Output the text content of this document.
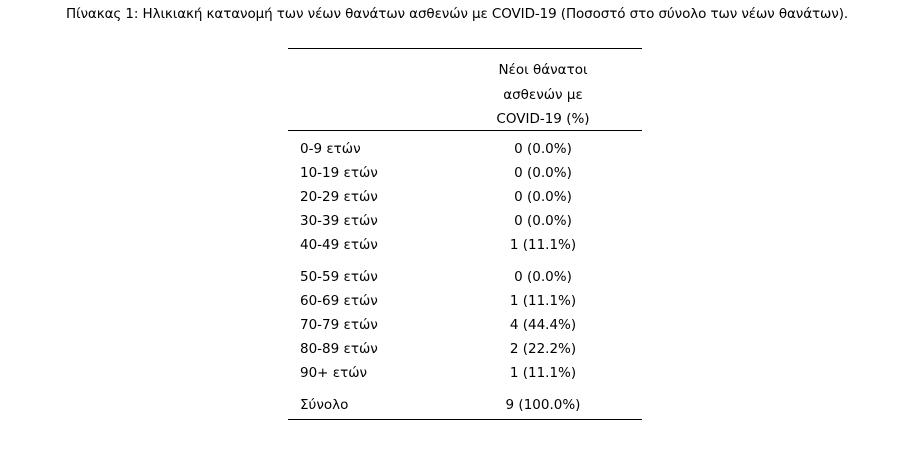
Πίνακας 1: Ηλικιακή κατανομή των νέων θανάτων ασθενών με COVID-19 (Ποσοστό στο σύνολο των νέων θανάτων).
Νέοι θάνατοι
ασθενών με
COVID-19 (%)
0-9 ετών	0 (0.0%)
10-19 ετών	0 (0.0%)
20-29 ετών	0 (0.0%)
30-39 ετών	0 (0.0%)
40-49 ετών	1 (11.1%)
50-59 ετών	0 (0.0%)
60-69 ετών	1 (11.1%)
70-79 ετών	4 (44.4%)
80-89 ετών	2 (22.2%)
90+ ετών	1 (11.1%)
Σύνολο	9 (100.0%)
